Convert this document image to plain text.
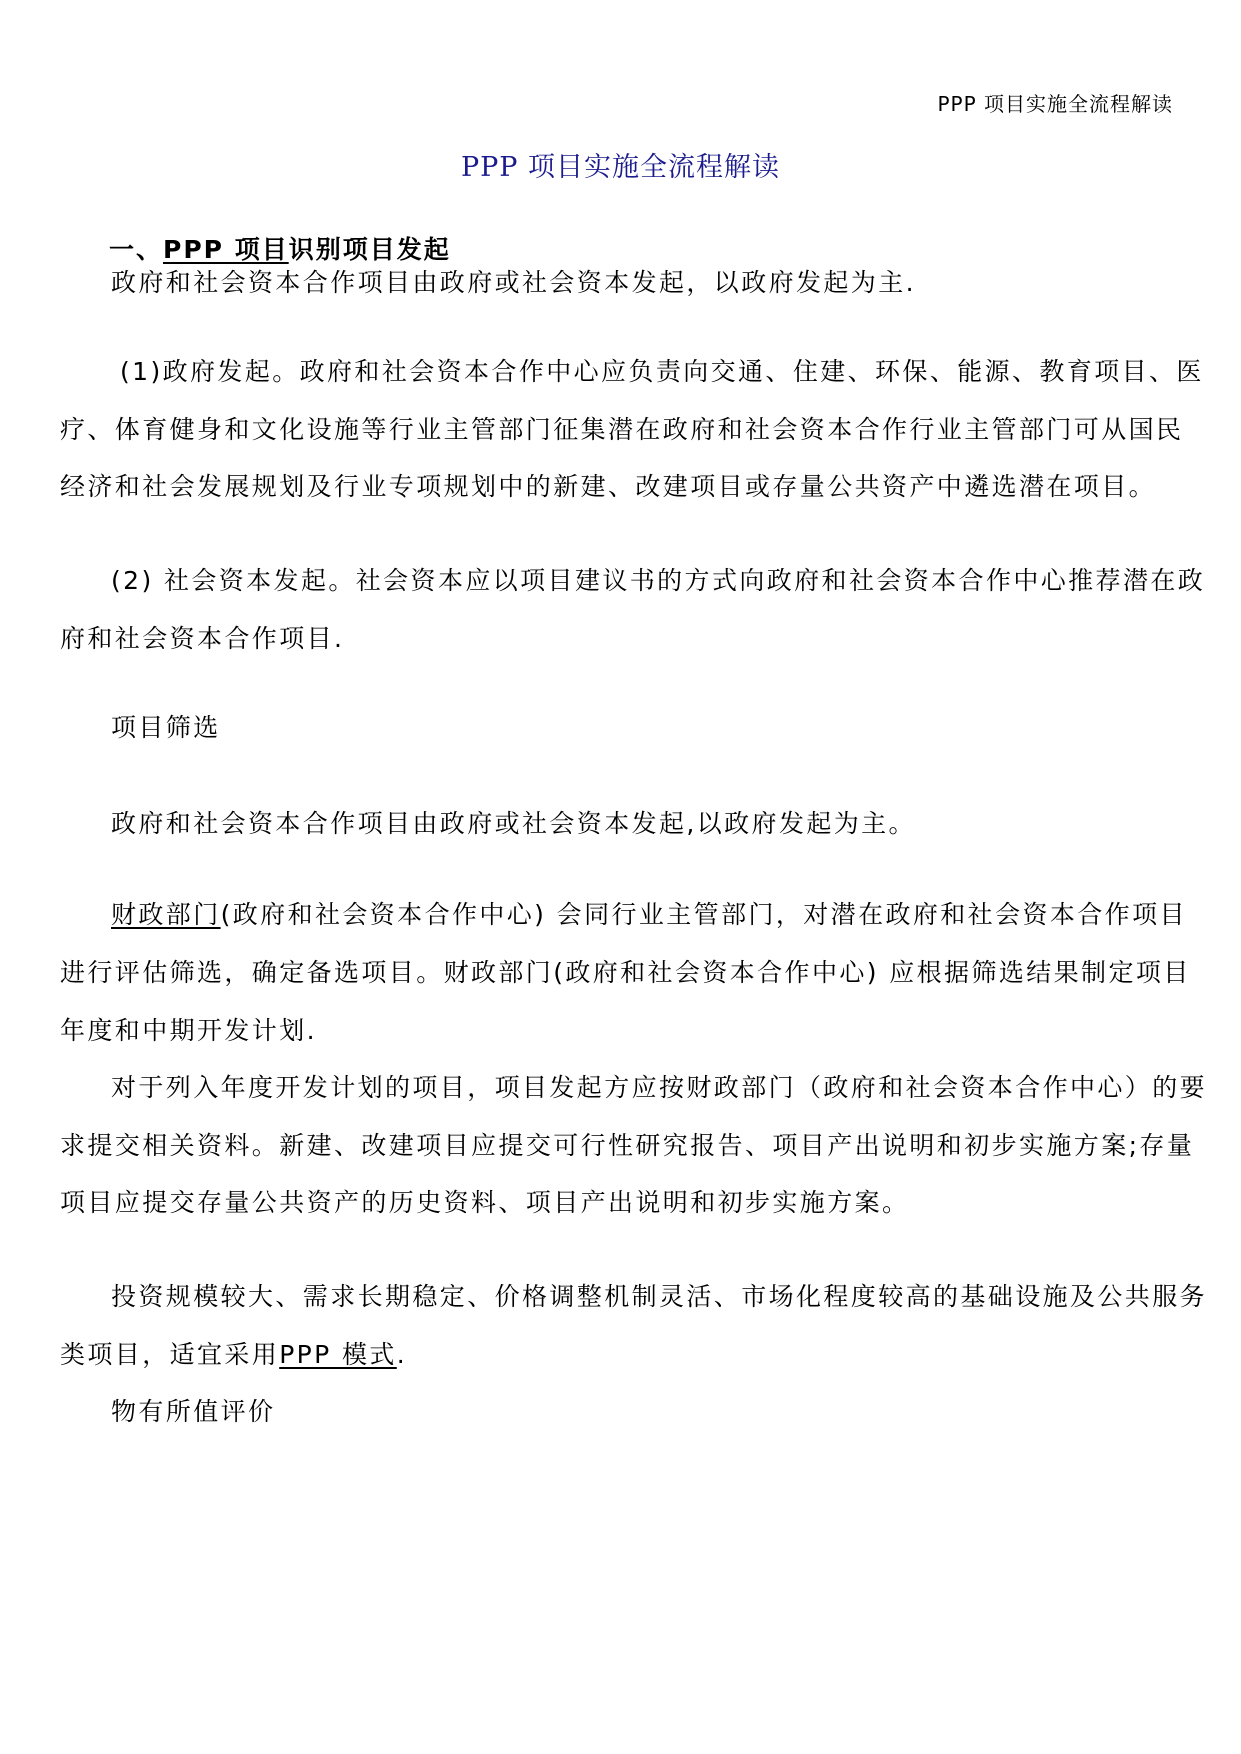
PPP 项目实施全流程解读
PPP 项目实施全流程解读
一、PPP 项目识别项目发起
政府和社会资本合作项目由政府或社会资本发起，以政府发起为主.
(1)政府发起。政府和社会资本合作中心应负责向交通、住建、环保、能源、教育项目、医
疗、体育健身和文化设施等行业主管部门征集潜在政府和社会资本合作行业主管部门可从国民
经济和社会发展规划及行业专项规划中的新建、改建项目或存量公共资产中遴选潜在项目。
(2) 社会资本发起。社会资本应以项目建议书的方式向政府和社会资本合作中心推荐潜在政
府和社会资本合作项目.
项目筛选
政府和社会资本合作项目由政府或社会资本发起,以政府发起为主。
财政部门(政府和社会资本合作中心) 会同行业主管部门，对潜在政府和社会资本合作项目
进行评估筛选，确定备选项目。财政部门(政府和社会资本合作中心) 应根据筛选结果制定项目
年度和中期开发计划.
对于列入年度开发计划的项目，项目发起方应按财政部门（政府和社会资本合作中心）的要
求提交相关资料。新建、改建项目应提交可行性研究报告、项目产出说明和初步实施方案;存量
项目应提交存量公共资产的历史资料、项目产出说明和初步实施方案。
投资规模较大、需求长期稳定、价格调整机制灵活、市场化程度较高的基础设施及公共服务
类项目，适宜采用PPP 模式.
物有所值评价
